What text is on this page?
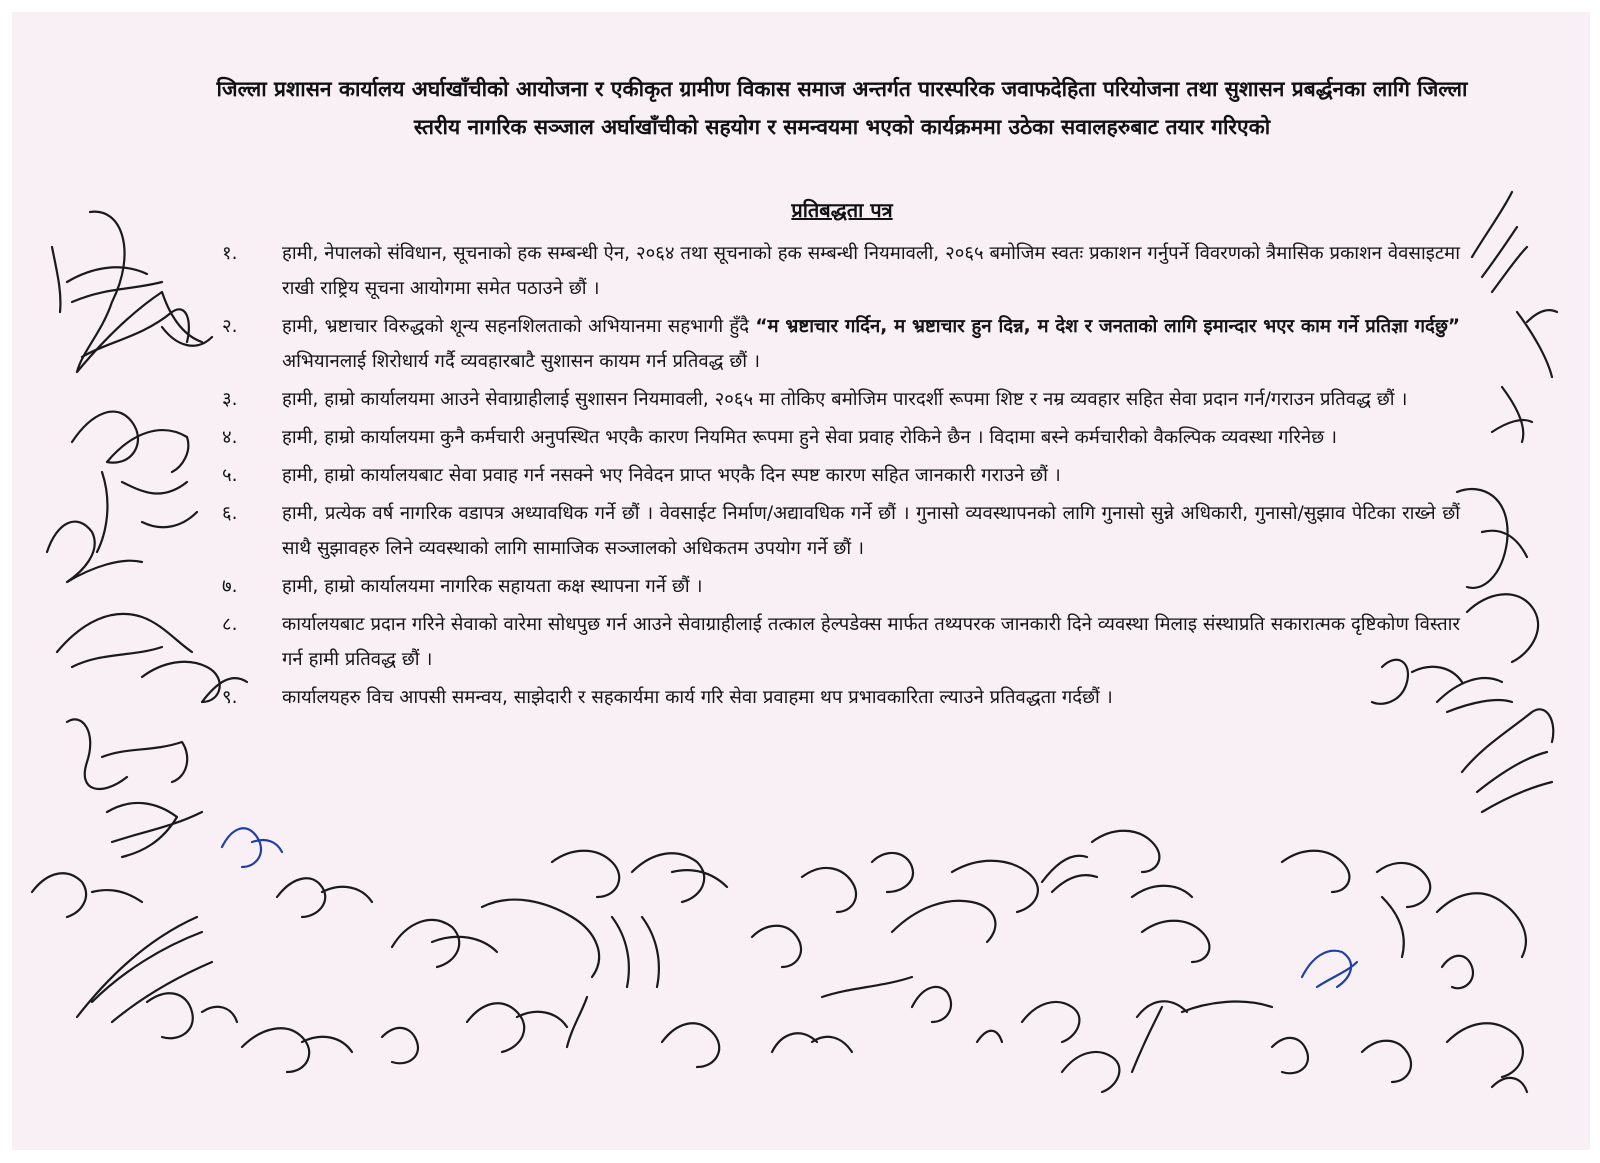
जिल्ला प्रशासन कार्यालय अर्घाखाँचीको आयोजना र एकीकृत ग्रामीण विकास समाज अन्तर्गत पारस्परिक जवाफदेहिता परियोजना तथा सुशासन प्रबर्द्धनका लागि जिल्ला स्तरीय नागरिक सञ्जाल अर्घाखाँचीको सहयोग र समन्वयमा भएको कार्यक्रममा उठेका सवालहरुबाट तयार गरिएको
प्रतिबद्धता पत्र
१.	हामी, नेपालको संविधान, सूचनाको हक सम्बन्धी ऐन, २०६४ तथा सूचनाको हक सम्बन्धी नियमावली, २०६५ बमोजिम स्वतः प्रकाशन गर्नुपर्ने विवरणको त्रैमासिक प्रकाशन वेवसाइटमा राखी राष्ट्रिय सूचना आयोगमा समेत पठाउने छौं ।
२.	हामी, भ्रष्टाचार विरुद्धको शून्य सहनशिलताको अभियानमा सहभागी हुँदै “म भ्रष्टाचार गर्दिन, म भ्रष्टाचार हुन दिन्न, म देश र जनताको लागि इमान्दार भएर काम गर्ने प्रतिज्ञा गर्दछु” अभियानलाई शिरोधार्य गर्दै व्यवहारबाटै सुशासन कायम गर्न प्रतिवद्ध छौं ।
३.	हामी, हाम्रो कार्यालयमा आउने सेवाग्राहीलाई सुशासन नियमावली, २०६५ मा तोकिए बमोजिम पारदर्शी रूपमा शिष्ट र नम्र व्यवहार सहित सेवा प्रदान गर्न/गराउन प्रतिवद्ध छौं ।
४.	हामी, हाम्रो कार्यालयमा कुनै कर्मचारी अनुपस्थित भएकै कारण नियमित रूपमा हुने सेवा प्रवाह रोकिने छैन । विदामा बस्ने कर्मचारीको वैकल्पिक व्यवस्था गरिनेछ ।
५.	हामी, हाम्रो कार्यालयबाट सेवा प्रवाह गर्न नसक्ने भए निवेदन प्राप्त भएकै दिन स्पष्ट कारण सहित जानकारी गराउने छौं ।
६.	हामी, प्रत्येक वर्ष नागरिक वडापत्र अध्यावधिक गर्ने छौं । वेवसाईट निर्माण/अद्यावधिक गर्ने छौं । गुनासो व्यवस्थापनको लागि गुनासो सुन्ने अधिकारी, गुनासो/सुझाव पेटिका राख्ने छौं साथै सुझावहरु लिने व्यवस्थाको लागि सामाजिक सञ्जालको अधिकतम उपयोग गर्ने छौं ।
७.	हामी, हाम्रो कार्यालयमा नागरिक सहायता कक्ष स्थापना गर्ने छौं ।
८.	कार्यालयबाट प्रदान गरिने सेवाको वारेमा सोधपुछ गर्न आउने सेवाग्राहीलाई तत्काल हेल्पडेक्स मार्फत तथ्यपरक जानकारी दिने व्यवस्था मिलाइ संस्थाप्रति सकारात्मक दृष्टिकोण विस्तार गर्न हामी प्रतिवद्ध छौं ।
९.	कार्यालयहरु विच आपसी समन्वय, साझेदारी र सहकार्यमा कार्य गरि सेवा प्रवाहमा थप प्रभावकारिता ल्याउने प्रतिवद्धता गर्दछौं ।
